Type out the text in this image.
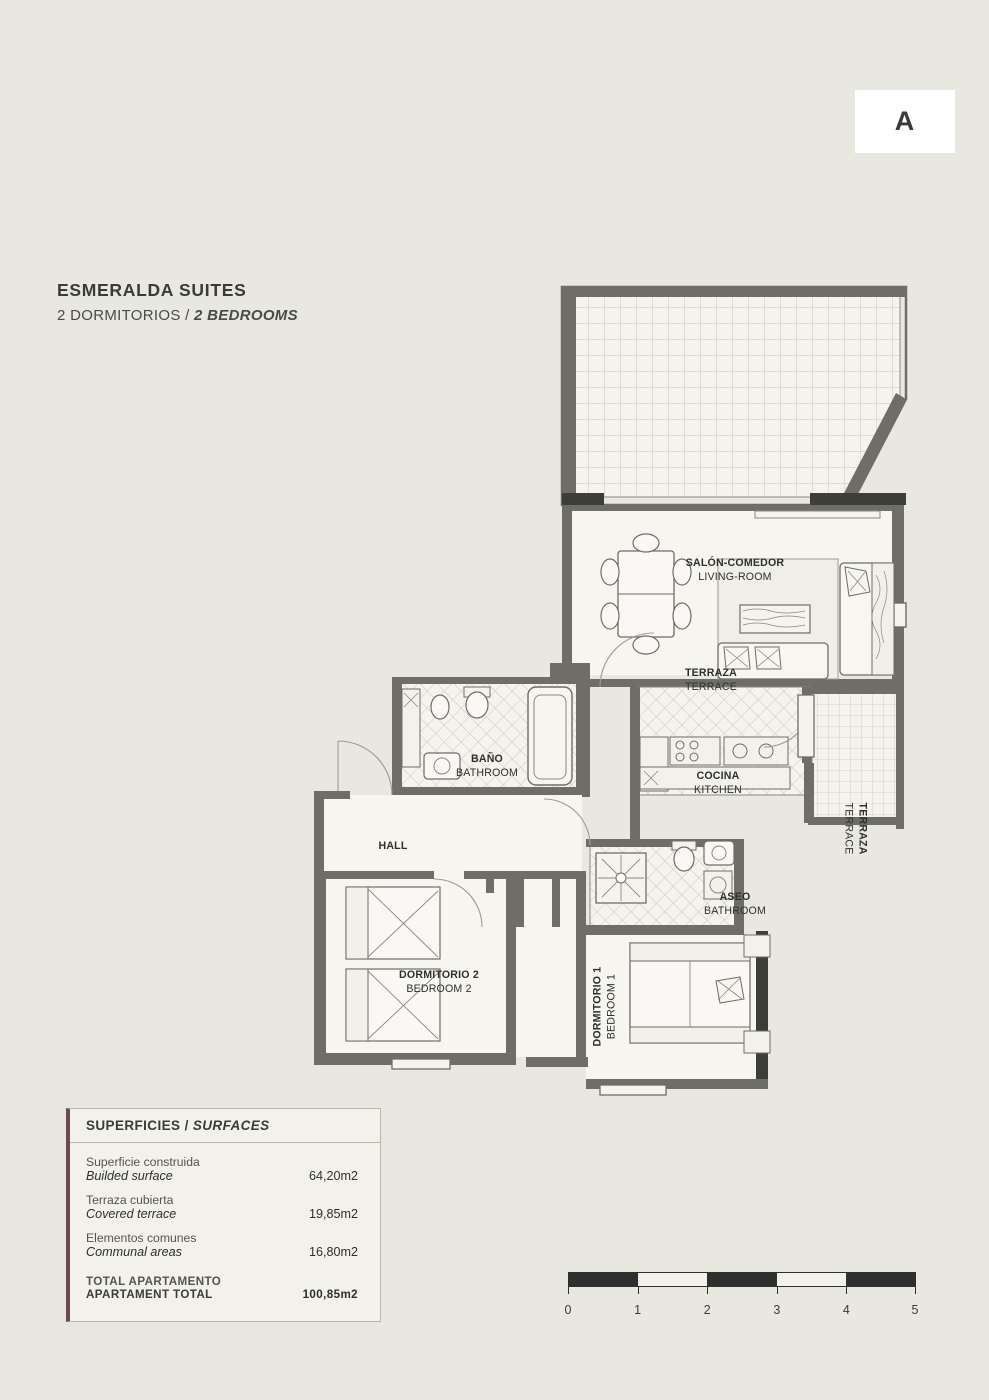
A
ESMERALDA SUITES
2 DORMITORIOS / 2 BEDROOMS
TERRAZA
TERRACE
SALÓN-COMEDOR
LIVING-ROOM
BAÑO
BATHROOM
HALL
COCINA
KITCHEN
TERRAZA
TERRACE
ASEO
BATHROOM
DORMITORIO 2
BEDROOM 2	DORMITORIO 1 BEDROOM 1
SUPERFICIES / SURFACES
Superficie construida
Builded surface	64,20m2
Terraza cubierta
Covered terrace	19,85m2
Elementos comunes
Communal areas	16,80m2
TOTAL APARTAMENTO
APARTAMENT TOTAL	100,85m2
0	1	2	3	4	5
